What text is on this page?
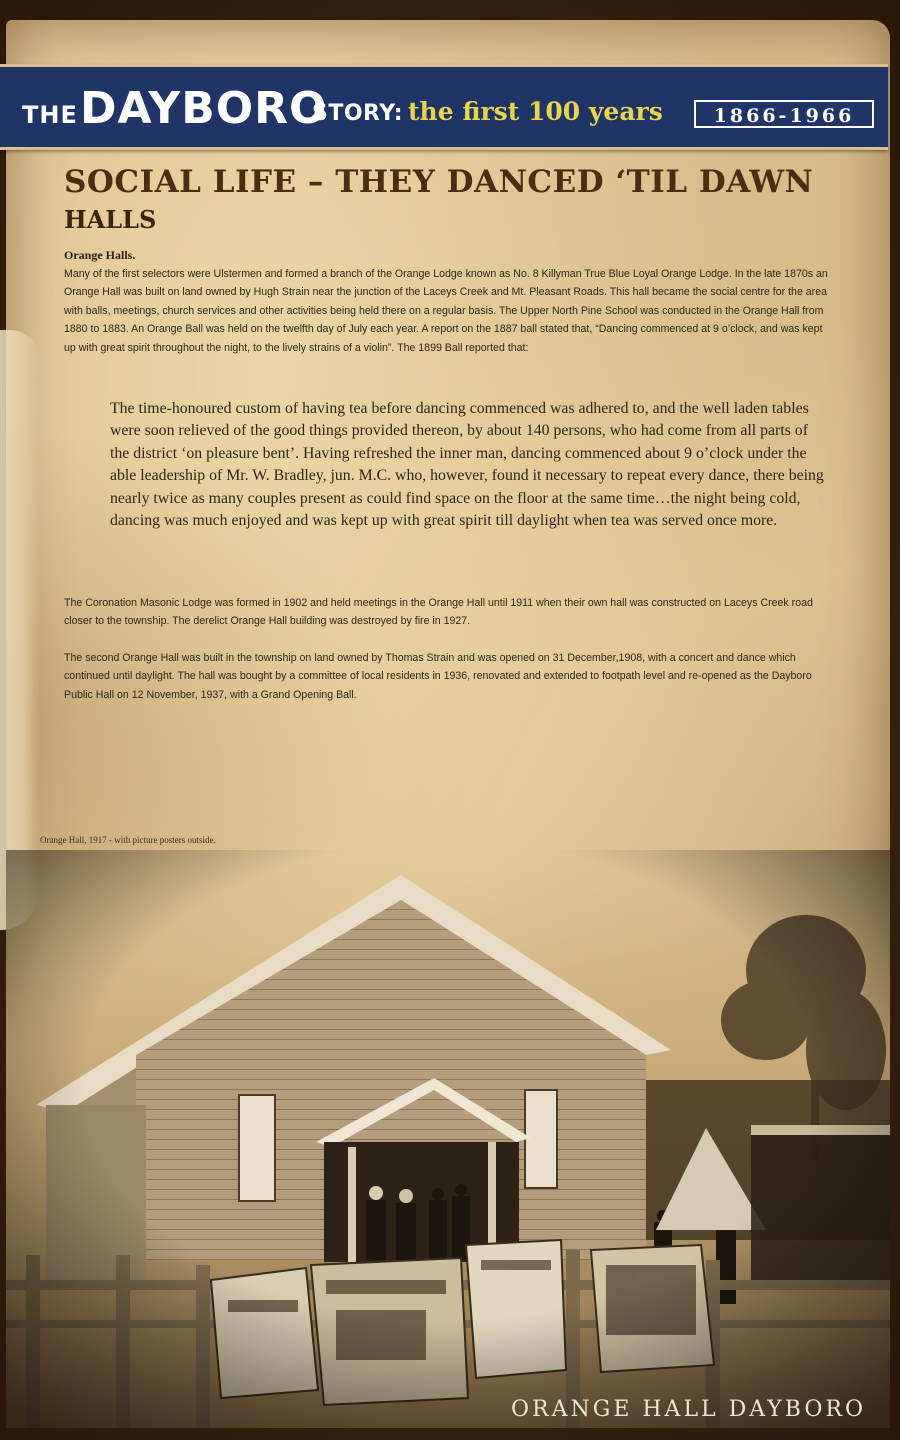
THE DAYBORO
STORY: the first 100 years	1866-1966
SOCIAL LIFE – THEY DANCED ‘TIL DAWN
HALLS
Orange Halls.
Many of the first selectors were Ulstermen and formed a branch of the Orange Lodge known as No. 8 Killyman True Blue Loyal Orange Lodge. In the late 1870s an Orange Hall was built on land owned by Hugh Strain near the junction of the Laceys Creek and Mt. Pleasant Roads. This hall became the social centre for the area with balls, meetings, church services and other activities being held there on a regular basis. The Upper North Pine School was conducted in the Orange Hall from 1880 to 1883. An Orange Ball was held on the twelfth day of July each year. A report on the 1887 ball stated that, “Dancing commenced at 9 o’clock, and was kept up with great spirit throughout the night, to the lively strains of a violin”. The 1899 Ball reported that:
The time-honoured custom of having tea before dancing commenced was adhered to, and the well laden tables were soon relieved of the good things provided thereon, by about 140 persons, who had come from all parts of the district ‘on pleasure bent’. Having refreshed the inner man, dancing commenced about 9 o’clock under the able leadership of Mr. W. Bradley, jun. M.C. who, however, found it necessary to repeat every dance, there being nearly twice as many couples present as could find space on the floor at the same time…the night being cold, dancing was much enjoyed and was kept up with great spirit till daylight when tea was served once more.
The Coronation Masonic Lodge was formed in 1902 and held meetings in the Orange Hall until 1911 when their own hall was constructed on Laceys Creek road closer to the township. The derelict Orange Hall building was destroyed by fire in 1927.
The second Orange Hall was built in the township on land owned by Thomas Strain and was opened on 31 December,1908, with a concert and dance which continued until daylight. The hall was bought by a committee of local residents in 1936, renovated and extended to footpath level and re-opened as the Dayboro Public Hall on 12 November, 1937, with a Grand Opening Ball.
Orange Hall, 1917 - with picture posters outside.
ORANGE HALL DAYBORO
